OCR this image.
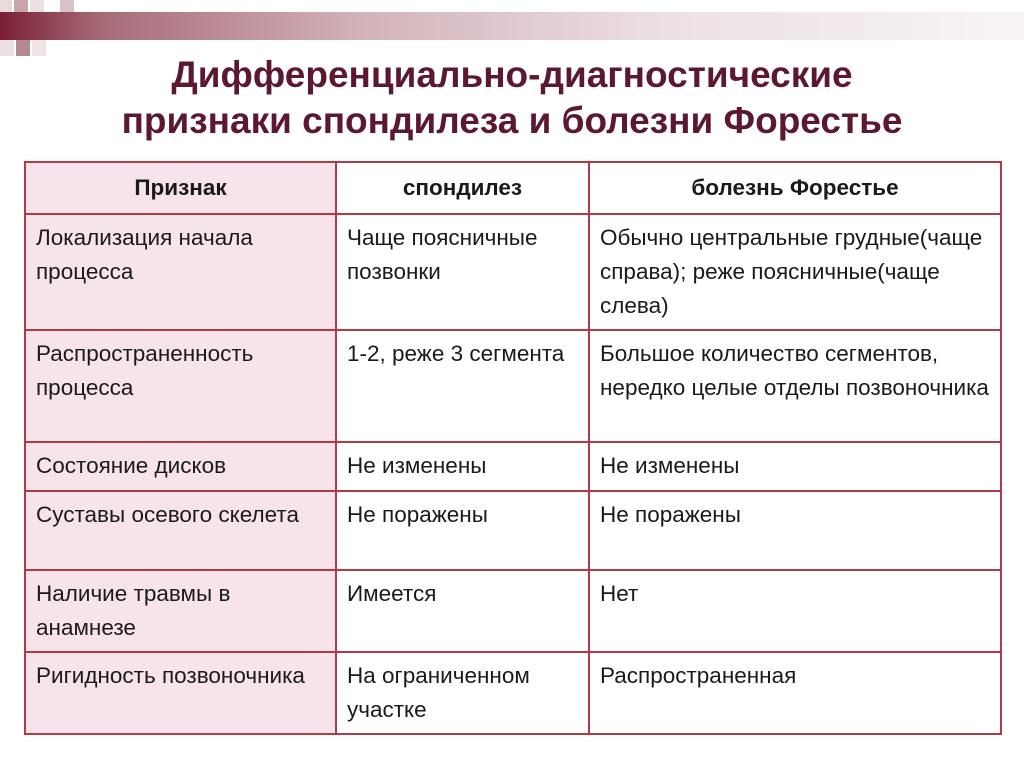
Дифференциально-диагностические
признаки спондилеза и болезни Форестье
Признак	спондилез	болезнь Форестье
Локализация начала процесса	Чаще поясничные позвонки	Обычно центральные грудные(чаще справа); реже поясничные(чаще слева)
Распространенность процесса	1-2, реже 3 сегмента	Большое количество сегментов, нередко целые отделы позвоночника
Состояние дисков	Не изменены	Не изменены
Суставы осевого скелета	Не поражены	Не поражены
Наличие травмы в анамнезе	Имеется	Нет
Ригидность позвоночника	На ограниченном участке	Распространенная
